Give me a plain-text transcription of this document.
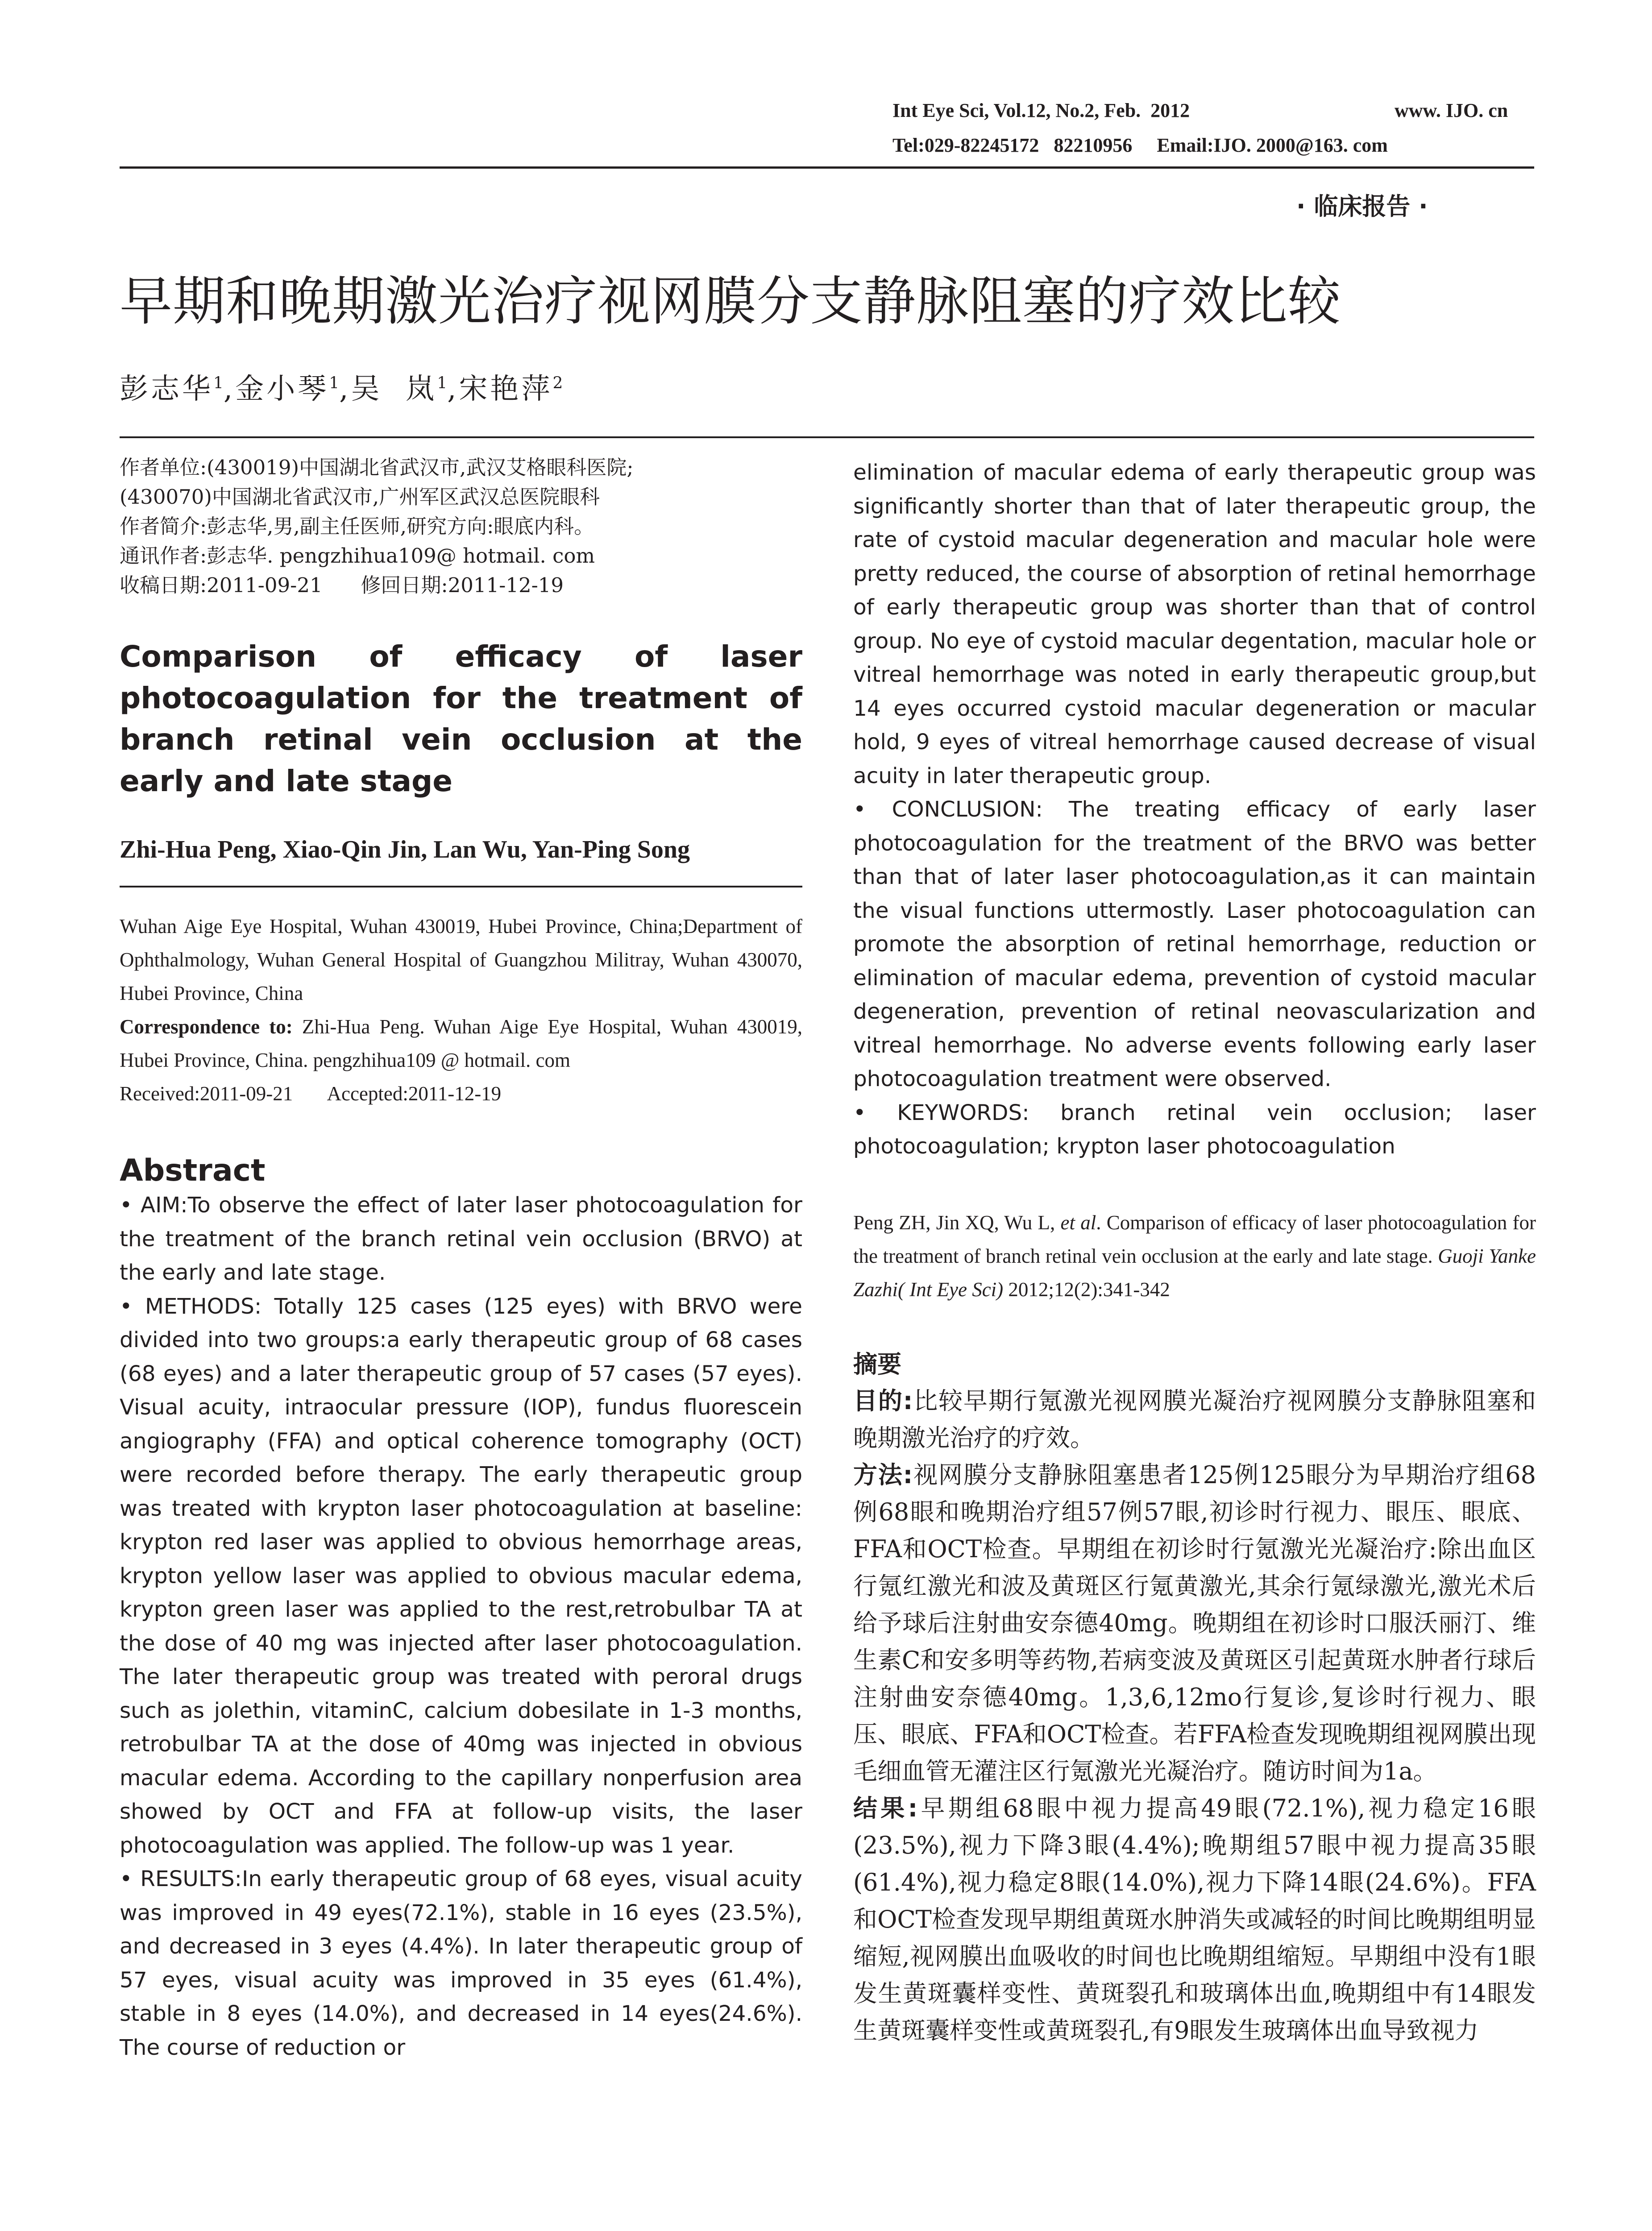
Int Eye Sci, Vol.12, No.2, Feb.  2012	www. IJO. cn
Tel:029-82245172   82210956     Email:IJO. 2000@163. com
· 临床报告 ·
早期和晚期激光治疗视网膜分支静脉阻塞的疗效比较
彭志华$^1$,金小琴$^1$,吴  岚$^1$,宋艳萍$^2$
作者单位:(430019)中国湖北省武汉市,武汉艾格眼科医院;
(430070)中国湖北省武汉市,广州军区武汉总医院眼科
作者简介:彭志华,男,副主任医师,研究方向:眼底内科。
通讯作者:彭志华. pengzhihua109@ hotmail. com
收稿日期:2011-09-21      修回日期:2011-12-19
Comparison of efficacy of laser photocoagulation for the treatment of branch retinal vein occlusion at the early and late stage
Zhi-Hua Peng, Xiao-Qin Jin, Lan Wu, Yan-Ping Song
Wuhan Aige Eye Hospital, Wuhan 430019, Hubei Province, China;Department of Ophthalmology, Wuhan General Hospital of Guangzhou Militray, Wuhan 430070, Hubei Province, China
Correspondence to: Zhi-Hua Peng. Wuhan Aige Eye Hospital, Wuhan 430019, Hubei Province, China. pengzhihua109 @ hotmail. com
Received:2011-09-21       Accepted:2011-12-19
Abstract

• AIM:To observe the effect of later laser photocoagulation for the treatment of the branch retinal vein occlusion (BRVO) at the early and late stage.

• METHODS: Totally 125 cases (125 eyes) with BRVO were divided into two groups:a early therapeutic group of 68 cases (68 eyes) and a later therapeutic group of 57 cases (57 eyes). Visual acuity, intraocular pressure (IOP), fundus fluorescein angiography (FFA) and optical coherence tomography (OCT) were recorded before therapy. The early therapeutic group was treated with krypton laser photocoagulation at baseline: krypton red laser was applied to obvious hemorrhage areas, krypton yellow laser was applied to obvious macular edema, krypton green laser was applied to the rest,retrobulbar TA at the dose of 40 mg was injected after laser photocoagulation. The later therapeutic group was treated with peroral drugs such as jolethin, vitaminC, calcium dobesilate in 1-3 months, retrobulbar TA at the dose of 40mg was injected in obvious macular edema. According to the capillary nonperfusion area showed by OCT and FFA at follow-up visits, the laser photocoagulation was applied. The follow-up was 1 year.

• RESULTS:In early therapeutic group of 68 eyes, visual acuity was improved in 49 eyes(72.1%), stable in 16 eyes (23.5%), and decreased in 3 eyes (4.4%). In later therapeutic group of 57 eyes, visual acuity was improved in 35 eyes (61.4%), stable in 8 eyes (14.0%), and decreased in 14 eyes(24.6%). The course of reduction or

elimination of macular edema of early therapeutic group was significantly shorter than that of later therapeutic group, the rate of cystoid macular degeneration and macular hole were pretty reduced, the course of absorption of retinal hemorrhage of early therapeutic group was shorter than that of control group. No eye of cystoid macular degentation, macular hole or vitreal hemorrhage was noted in early therapeutic group,but 14 eyes occurred cystoid macular degeneration or macular hold, 9 eyes of vitreal hemorrhage caused decrease of visual acuity in later therapeutic group.

• CONCLUSION: The treating efficacy of early laser photocoagulation for the treatment of the BRVO was better than that of later laser photocoagulation,as it can maintain the visual functions uttermostly. Laser photocoagulation can promote the absorption of retinal hemorrhage, reduction or elimination of macular edema, prevention of cystoid macular degeneration, prevention of retinal neovascularization and vitreal hemorrhage. No adverse events following early laser photocoagulation treatment were observed.

• KEYWORDS: branch retinal vein occlusion; laser photocoagulation; krypton laser photocoagulation

Peng ZH, Jin XQ, Wu L, et al. Comparison of efficacy of laser photocoagulation for the treatment of branch retinal vein occlusion at the early and late stage. Guoji Yanke Zazhi( Int Eye Sci) 2012;12(2):341-342
摘要

目的:比较早期行氪激光视网膜光凝治疗视网膜分支静脉阻塞和晚期激光治疗的疗效。

方法:视网膜分支静脉阻塞患者125例125眼分为早期治疗组68例68眼和晚期治疗组57例57眼,初诊时行视力、眼压、眼底、FFA和OCT检查。早期组在初诊时行氪激光光凝治疗:除出血区行氪红激光和波及黄斑区行氪黄激光,其余行氪绿激光,激光术后给予球后注射曲安奈德40mg。晚期组在初诊时口服沃丽汀、维生素C和安多明等药物,若病变波及黄斑区引起黄斑水肿者行球后注射曲安奈德40mg。1,3,6,12mo行复诊,复诊时行视力、眼压、眼底、FFA和OCT检查。若FFA检查发现晚期组视网膜出现毛细血管无灌注区行氪激光光凝治疗。随访时间为1a。

结果:早期组68眼中视力提高49眼(72.1%),视力稳定16眼(23.5%),视力下降3眼(4.4%);晚期组57眼中视力提高35眼(61.4%),视力稳定8眼(14.0%),视力下降14眼(24.6%)。FFA和OCT检查发现早期组黄斑水肿消失或减轻的时间比晚期组明显缩短,视网膜出血吸收的时间也比晚期组缩短。早期组中没有1眼发生黄斑囊样变性、黄斑裂孔和玻璃体出血,晚期组中有14眼发生黄斑囊样变性或黄斑裂孔,有9眼发生玻璃体出血导致视力
